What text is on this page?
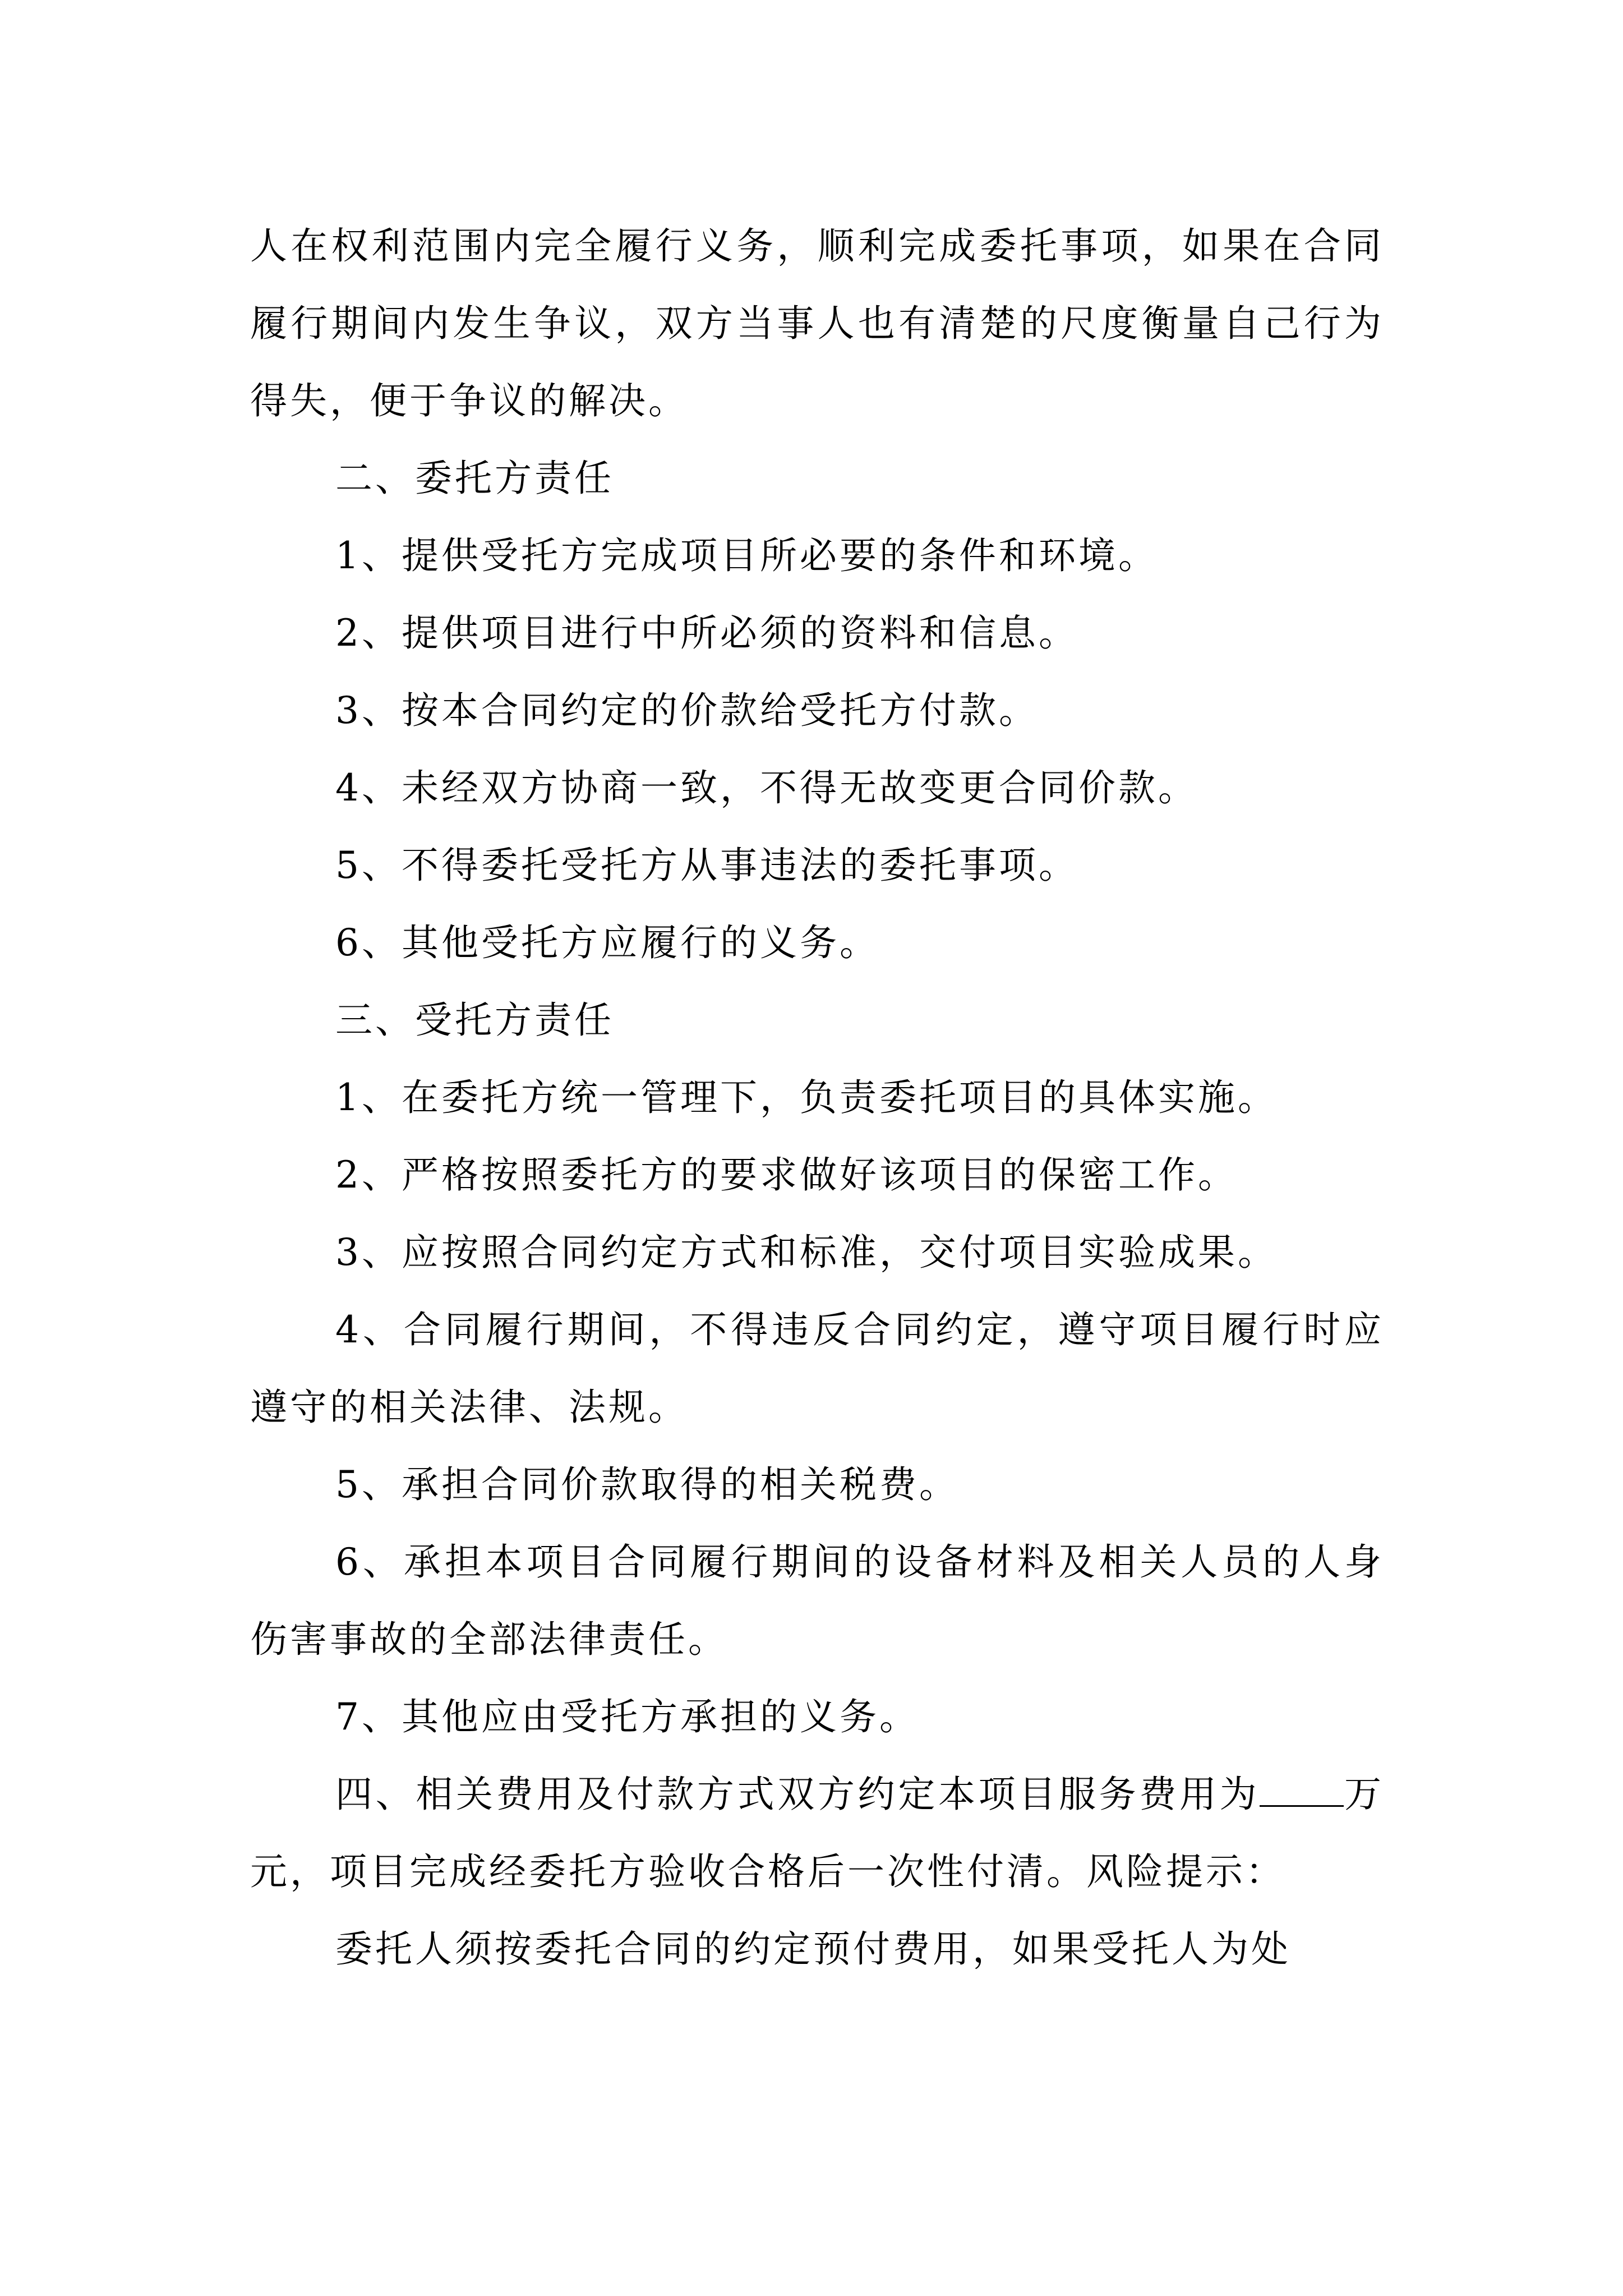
人在权利范围内完全履行义务，顺利完成委托事项，如果在合同履行期间内发生争议，双方当事人也有清楚的尺度衡量自己行为得失，便于争议的解决。

二、委托方责任

1、提供受托方完成项目所必要的条件和环境。

2、提供项目进行中所必须的资料和信息。

3、按本合同约定的价款给受托方付款。

4、未经双方协商一致，不得无故变更合同价款。

5、不得委托受托方从事违法的委托事项。

6、其他受托方应履行的义务。

三、受托方责任

1、在委托方统一管理下，负责委托项目的具体实施。

2、严格按照委托方的要求做好该项目的保密工作。

3、应按照合同约定方式和标准，交付项目实验成果。

4、合同履行期间，不得违反合同约定，遵守项目履行时应遵守的相关法律、法规。

5、承担合同价款取得的相关税费。

6、承担本项目合同履行期间的设备材料及相关人员的人身伤害事故的全部法律责任。

7、其他应由受托方承担的义务。

四、相关费用及付款方式双方约定本项目服务费用为 万元，项目完成经委托方验收合格后一次性付清。风险提示：

委托人须按委托合同的约定预付费用，如果受托人为处
